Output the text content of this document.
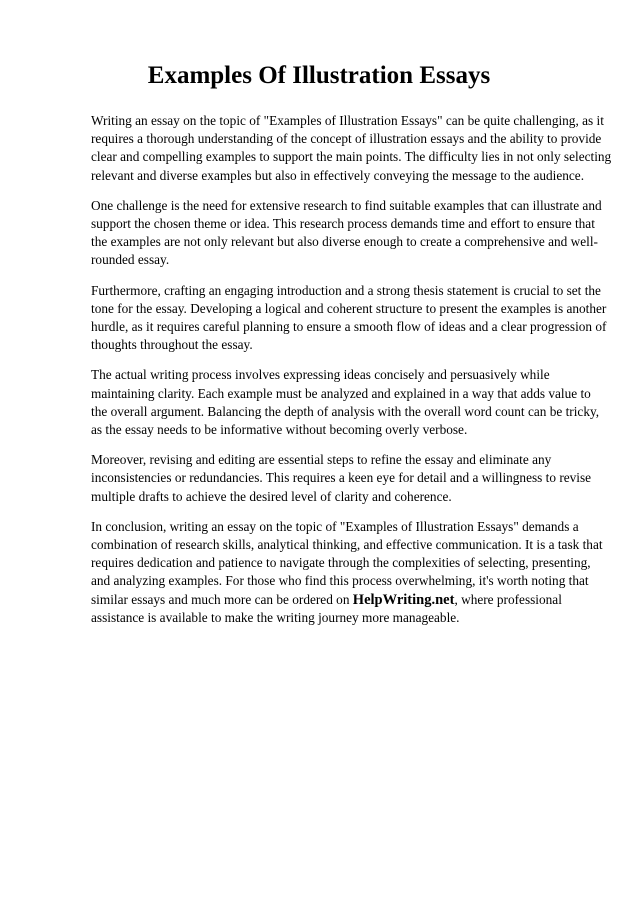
Examples Of Illustration Essays

Writing an essay on the topic of "Examples of Illustration Essays" can be quite challenging, as it
requires a thorough understanding of the concept of illustration essays and the ability to provide
clear and compelling examples to support the main points. The difficulty lies in not only selecting
relevant and diverse examples but also in effectively conveying the message to the audience.

One challenge is the need for extensive research to find suitable examples that can illustrate and
support the chosen theme or idea. This research process demands time and effort to ensure that
the examples are not only relevant but also diverse enough to create a comprehensive and well-
rounded essay.

Furthermore, crafting an engaging introduction and a strong thesis statement is crucial to set the
tone for the essay. Developing a logical and coherent structure to present the examples is another
hurdle, as it requires careful planning to ensure a smooth flow of ideas and a clear progression of
thoughts throughout the essay.

The actual writing process involves expressing ideas concisely and persuasively while
maintaining clarity. Each example must be analyzed and explained in a way that adds value to
the overall argument. Balancing the depth of analysis with the overall word count can be tricky,
as the essay needs to be informative without becoming overly verbose.

Moreover, revising and editing are essential steps to refine the essay and eliminate any
inconsistencies or redundancies. This requires a keen eye for detail and a willingness to revise
multiple drafts to achieve the desired level of clarity and coherence.

In conclusion, writing an essay on the topic of "Examples of Illustration Essays" demands a
combination of research skills, analytical thinking, and effective communication. It is a task that
requires dedication and patience to navigate through the complexities of selecting, presenting,
and analyzing examples. For those who find this process overwhelming, it's worth noting that
similar essays and much more can be ordered on HelpWriting.net, where professional
assistance is available to make the writing journey more manageable.
